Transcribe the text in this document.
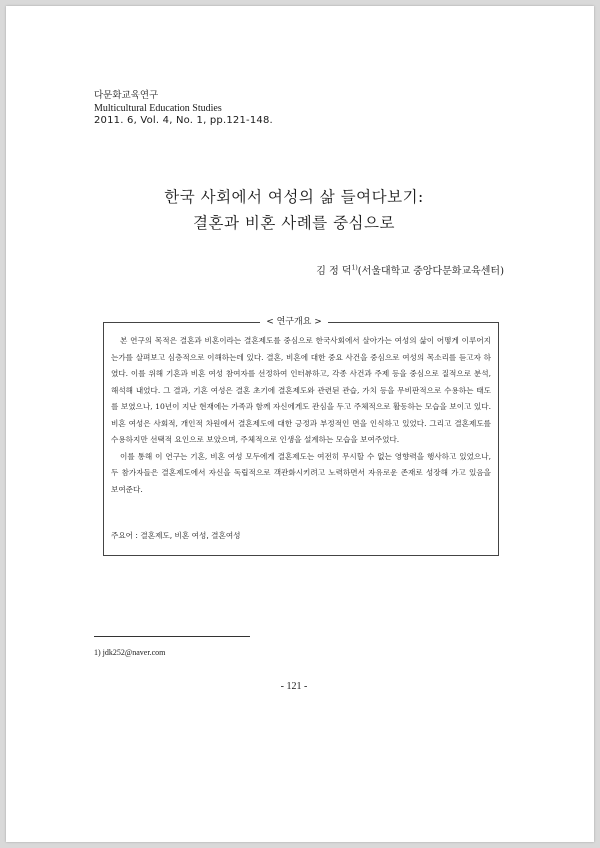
다문화교육연구
Multicultural Education Studies
2011. 6, Vol. 4, No. 1, pp.121-148.
한국 사회에서 여성의 삶 들여다보기:
결혼과 비혼 사례를 중심으로
김 정 덕$^{1)}$(서울대학교 중앙다문화교육센터)
< 연구개요 >

본 연구의 목적은 결혼과 비혼이라는 결혼제도를 중심으로 한국사회에서 살아가는 여성의 삶이 어떻게 이루어지는가를 살펴보고 심층적으로 이해하는데 있다. 결혼, 비혼에 대한 중요 사건을 중심으로 여성의 목소리를 듣고자 하였다. 이를 위해 기혼과 비혼 여성 참여자를 선정하여 인터뷰하고, 각종 사건과 주제 등을 중심으로 질적으로 분석, 해석해 내었다. 그 결과, 기혼 여성은 결혼 초기에 결혼제도와 관련된 관습, 가치 등을 무비판적으로 수용하는 태도를 보였으나, 10년이 지난 현재에는 가족과 함께 자신에게도 관심을 두고 주체적으로 활동하는 모습을 보이고 있다. 비혼 여성은 사회적, 개인적 차원에서 결혼제도에 대한 긍정과 부정적인 면을 인식하고 있었다. 그리고 결혼제도를 수용하지만 선택적 요인으로 보았으며, 주체적으로 인생을 설계하는 모습을 보여주었다.

이를 통해 이 연구는 기혼, 비혼 여성 모두에게 결혼제도는 여전히 무시할 수 없는 영향력을 행사하고 있었으나, 두 참가자들은 결혼제도에서 자신을 독립적으로 객관화시키려고 노력하면서 자유로운 존재로 성장해 가고 있음을 보여준다.

주요어 : 결혼제도, 비혼 여성, 결혼여성
1) jdk252@naver.com
- 121 -
